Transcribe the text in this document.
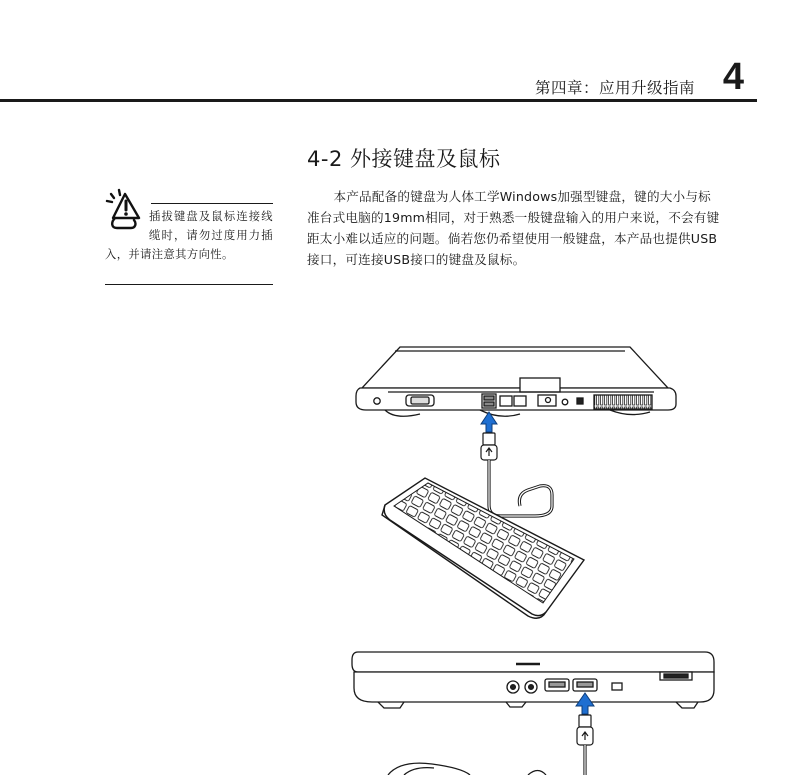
第四章：应用升级指南 4
4-2 外接键盘及鼠标

本产品配备的键盘为人体工学Windows加强型键盘，键的大小与标准台式电脑的19mm相同，对于熟悉一般键盘输入的用户来说，不会有键距太小难以适应的问题。倘若您仍希望使用一般键盘，本产品也提供USB接口，可连接USB接口的键盘及鼠标。

插拔键盘及鼠标连接线缆时，请勿过度用力插入，并请注意其方向性。
